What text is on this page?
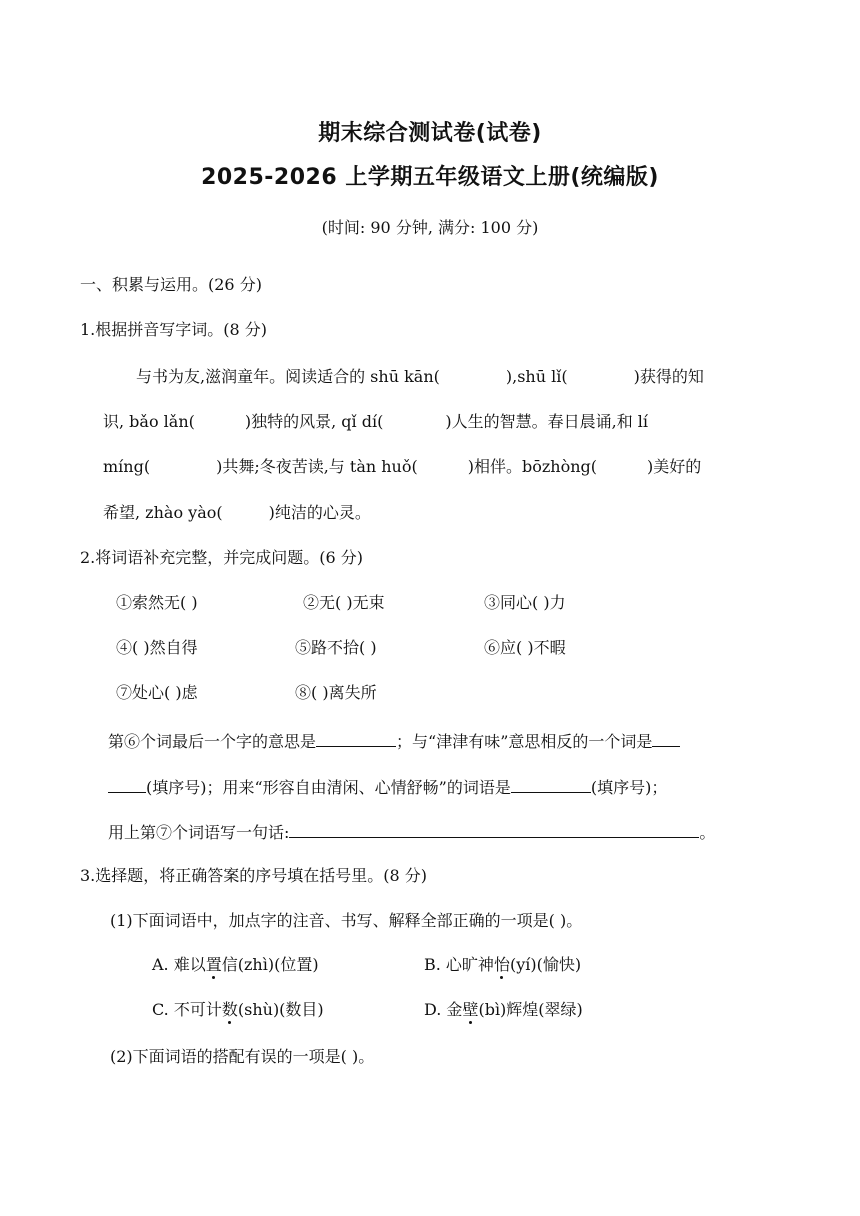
期末综合测试卷(试卷)
2025-2026 上学期五年级语文上册(统编版)
(时间: 90 分钟, 满分: 100 分)
一、积累与运用。(26 分)
1.根据拼音写字词。(8 分)
与书为友,滋润童年。阅读适合的 shū kān(	),shū lǐ(	)获得的知
识, bǎo lǎn(	)独特的风景, qǐ dí(	)人生的智慧。春日晨诵,和 lí
míng(	)共舞;冬夜苦读,与 tàn huǒ(	)相伴。bōzhòng(	)美好的
希望, zhào yào(	)纯洁的心灵。
2.将词语补充完整，并完成问题。(6 分)
①索然无( )	②无( )无束	③同心( )力
④( )然自得	⑤路不拾( )	⑥应( )不暇
⑦处心( )虑	⑧( )离失所
第⑥个词最后一个字的意思是	；与“津津有味”意思相反的一个词是
(填序号)；用来“形容自由清闲、心情舒畅”的词语是	(填序号)；
用上第⑦个词语写一句话:	。
3.选择题，将正确答案的序号填在括号里。(8 分)
(1)下面词语中，加点字的注音、书写、解释全部正确的一项是( )。
A. 难以置信(zhì)(位置)	B. 心旷神怡(yí)(愉快)
C. 不可计数(shù)(数目)	D. 金壁(bì)辉煌(翠绿)
(2)下面词语的搭配有误的一项是( )。
